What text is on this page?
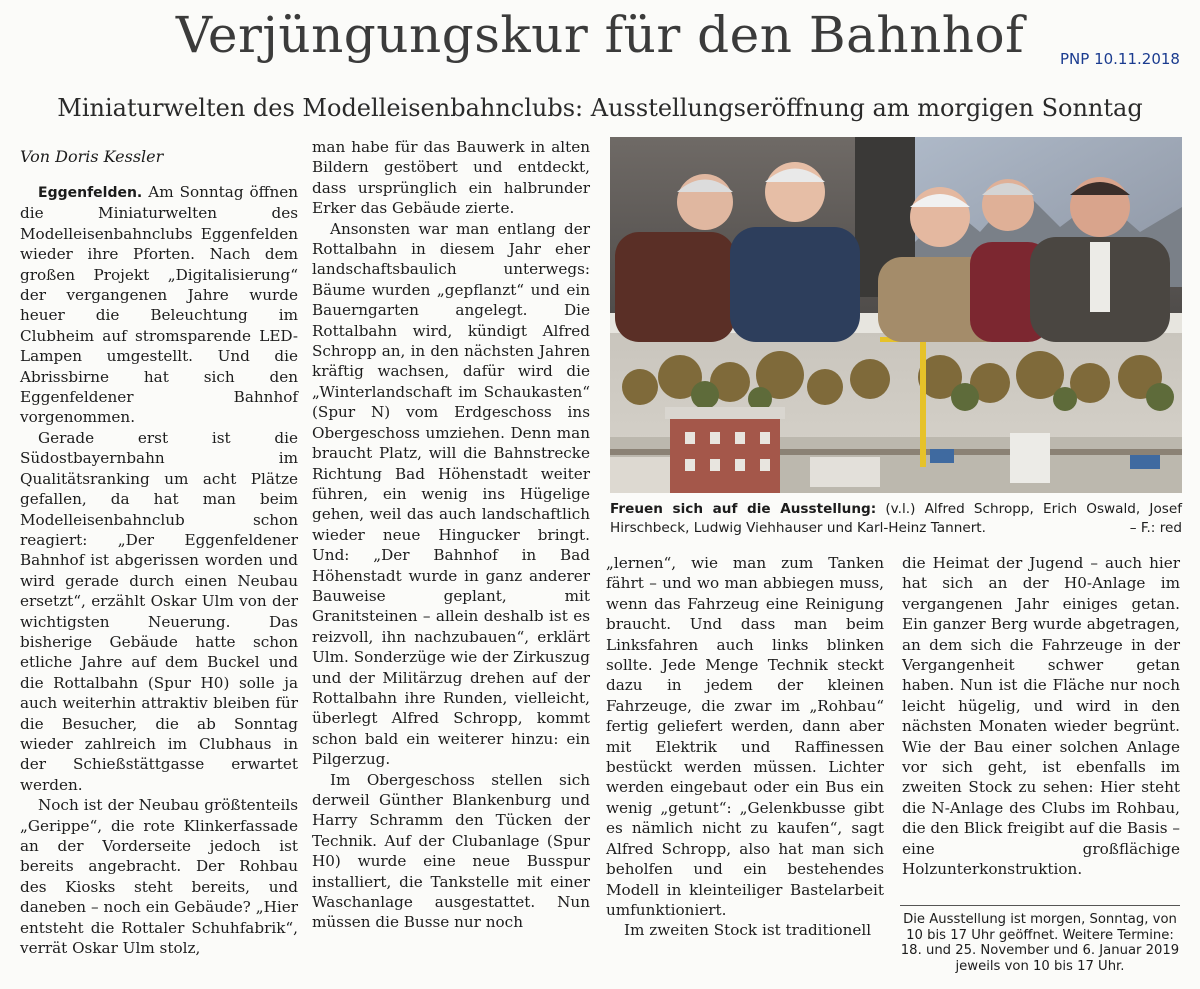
Verjüngungskur für den Bahnhof	PNP 10.11.2018
Miniaturwelten des Modelleisenbahnclubs: Ausstellungseröffnung am morgigen Sonntag
Von Doris Kessler

Eggenfelden. Am Sonntag öffnen die Miniaturwelten des Modelleisenbahnclubs Eggenfelden wieder ihre Pforten. Nach dem großen Projekt „Digitalisierung“ der vergangenen Jahre wurde heuer die Beleuchtung im Clubheim auf stromsparende LED-Lampen umgestellt. Und die Abrissbirne hat sich den Eggenfeldener Bahnhof vorgenommen.

Gerade erst ist die Südostbayernbahn im Qualitätsranking um acht Plätze gefallen, da hat man beim Modelleisenbahnclub schon reagiert: „Der Eggenfeldener Bahnhof ist abgerissen worden und wird gerade durch einen Neubau ersetzt“, erzählt Oskar Ulm von der wichtigsten Neuerung. Das bisherige Gebäude hatte schon etliche Jahre auf dem Buckel und die Rottalbahn (Spur H0) solle ja auch weiterhin attraktiv bleiben für die Besucher, die ab Sonntag wieder zahlreich im Clubhaus in der Schießstättgasse erwartet werden.

Noch ist der Neubau größtenteils „Gerippe“, die rote Klinkerfassade an der Vorderseite jedoch ist bereits angebracht. Der Rohbau des Kiosks steht bereits, und daneben – noch ein Gebäude? „Hier entsteht die Rottaler Schuhfabrik“, verrät Oskar Ulm stolz,

man habe für das Bauwerk in alten Bildern gestöbert und entdeckt, dass ursprünglich ein halbrunder Erker das Gebäude zierte.

Ansonsten war man entlang der Rottalbahn in diesem Jahr eher landschaftsbaulich unterwegs: Bäume wurden „gepflanzt“ und ein Bauerngarten angelegt. Die Rottalbahn wird, kündigt Alfred Schropp an, in den nächsten Jahren kräftig wachsen, dafür wird die „Winterlandschaft im Schaukasten“ (Spur N) vom Erdgeschoss ins Obergeschoss umziehen. Denn man braucht Platz, will die Bahnstrecke Richtung Bad Höhenstadt weiter führen, ein wenig ins Hügelige gehen, weil das auch landschaftlich wieder neue Hingucker bringt. Und: „Der Bahnhof in Bad Höhenstadt wurde in ganz anderer Bauweise geplant, mit Granitsteinen – allein deshalb ist es reizvoll, ihn nachzubauen“, erklärt Ulm. Sonderzüge wie der Zirkuszug und der Militärzug drehen auf der Rottalbahn ihre Runden, vielleicht, überlegt Alfred Schropp, kommt schon bald ein weiterer hinzu: ein Pilgerzug.

Im Obergeschoss stellen sich derweil Günther Blankenburg und Harry Schramm den Tücken der Technik. Auf der Clubanlage (Spur H0) wurde eine neue Busspur installiert, die Tankstelle mit einer Waschanlage ausgestattet. Nun müssen die Busse nur noch

Freuen sich auf die Ausstellung: (v.l.) Alfred Schropp, Erich Oswald, Josef Hirschbeck, Ludwig Viehhauser und Karl-Heinz Tannert.	– F.: red

„lernen“, wie man zum Tanken fährt – und wo man abbiegen muss, wenn das Fahrzeug eine Reinigung braucht. Und dass man beim Linksfahren auch links blinken sollte. Jede Menge Technik steckt dazu in jedem der kleinen Fahrzeuge, die zwar im „Rohbau“ fertig geliefert werden, dann aber mit Elektrik und Raffinessen bestückt werden müssen. Lichter werden eingebaut oder ein Bus ein wenig „getunt“: „Gelenkbusse gibt es nämlich nicht zu kaufen“, sagt Alfred Schropp, also hat man sich beholfen und ein bestehendes Modell in kleinteiliger Bastelarbeit umfunktioniert.

Im zweiten Stock ist traditionell

die Heimat der Jugend – auch hier hat sich an der H0-Anlage im vergangenen Jahr einiges getan. Ein ganzer Berg wurde abgetragen, an dem sich die Fahrzeuge in der Vergangenheit schwer getan haben. Nun ist die Fläche nur noch leicht hügelig, und wird in den nächsten Monaten wieder begrünt. Wie der Bau einer solchen Anlage vor sich geht, ist ebenfalls im zweiten Stock zu sehen: Hier steht die N-Anlage des Clubs im Rohbau, die den Blick freigibt auf die Basis – eine großflächige Holzunterkonstruktion.

Die Ausstellung ist morgen, Sonntag, von 10 bis 17 Uhr geöffnet. Weitere Termine: 18. und 25. November und 6. Januar 2019 jeweils von 10 bis 17 Uhr.
